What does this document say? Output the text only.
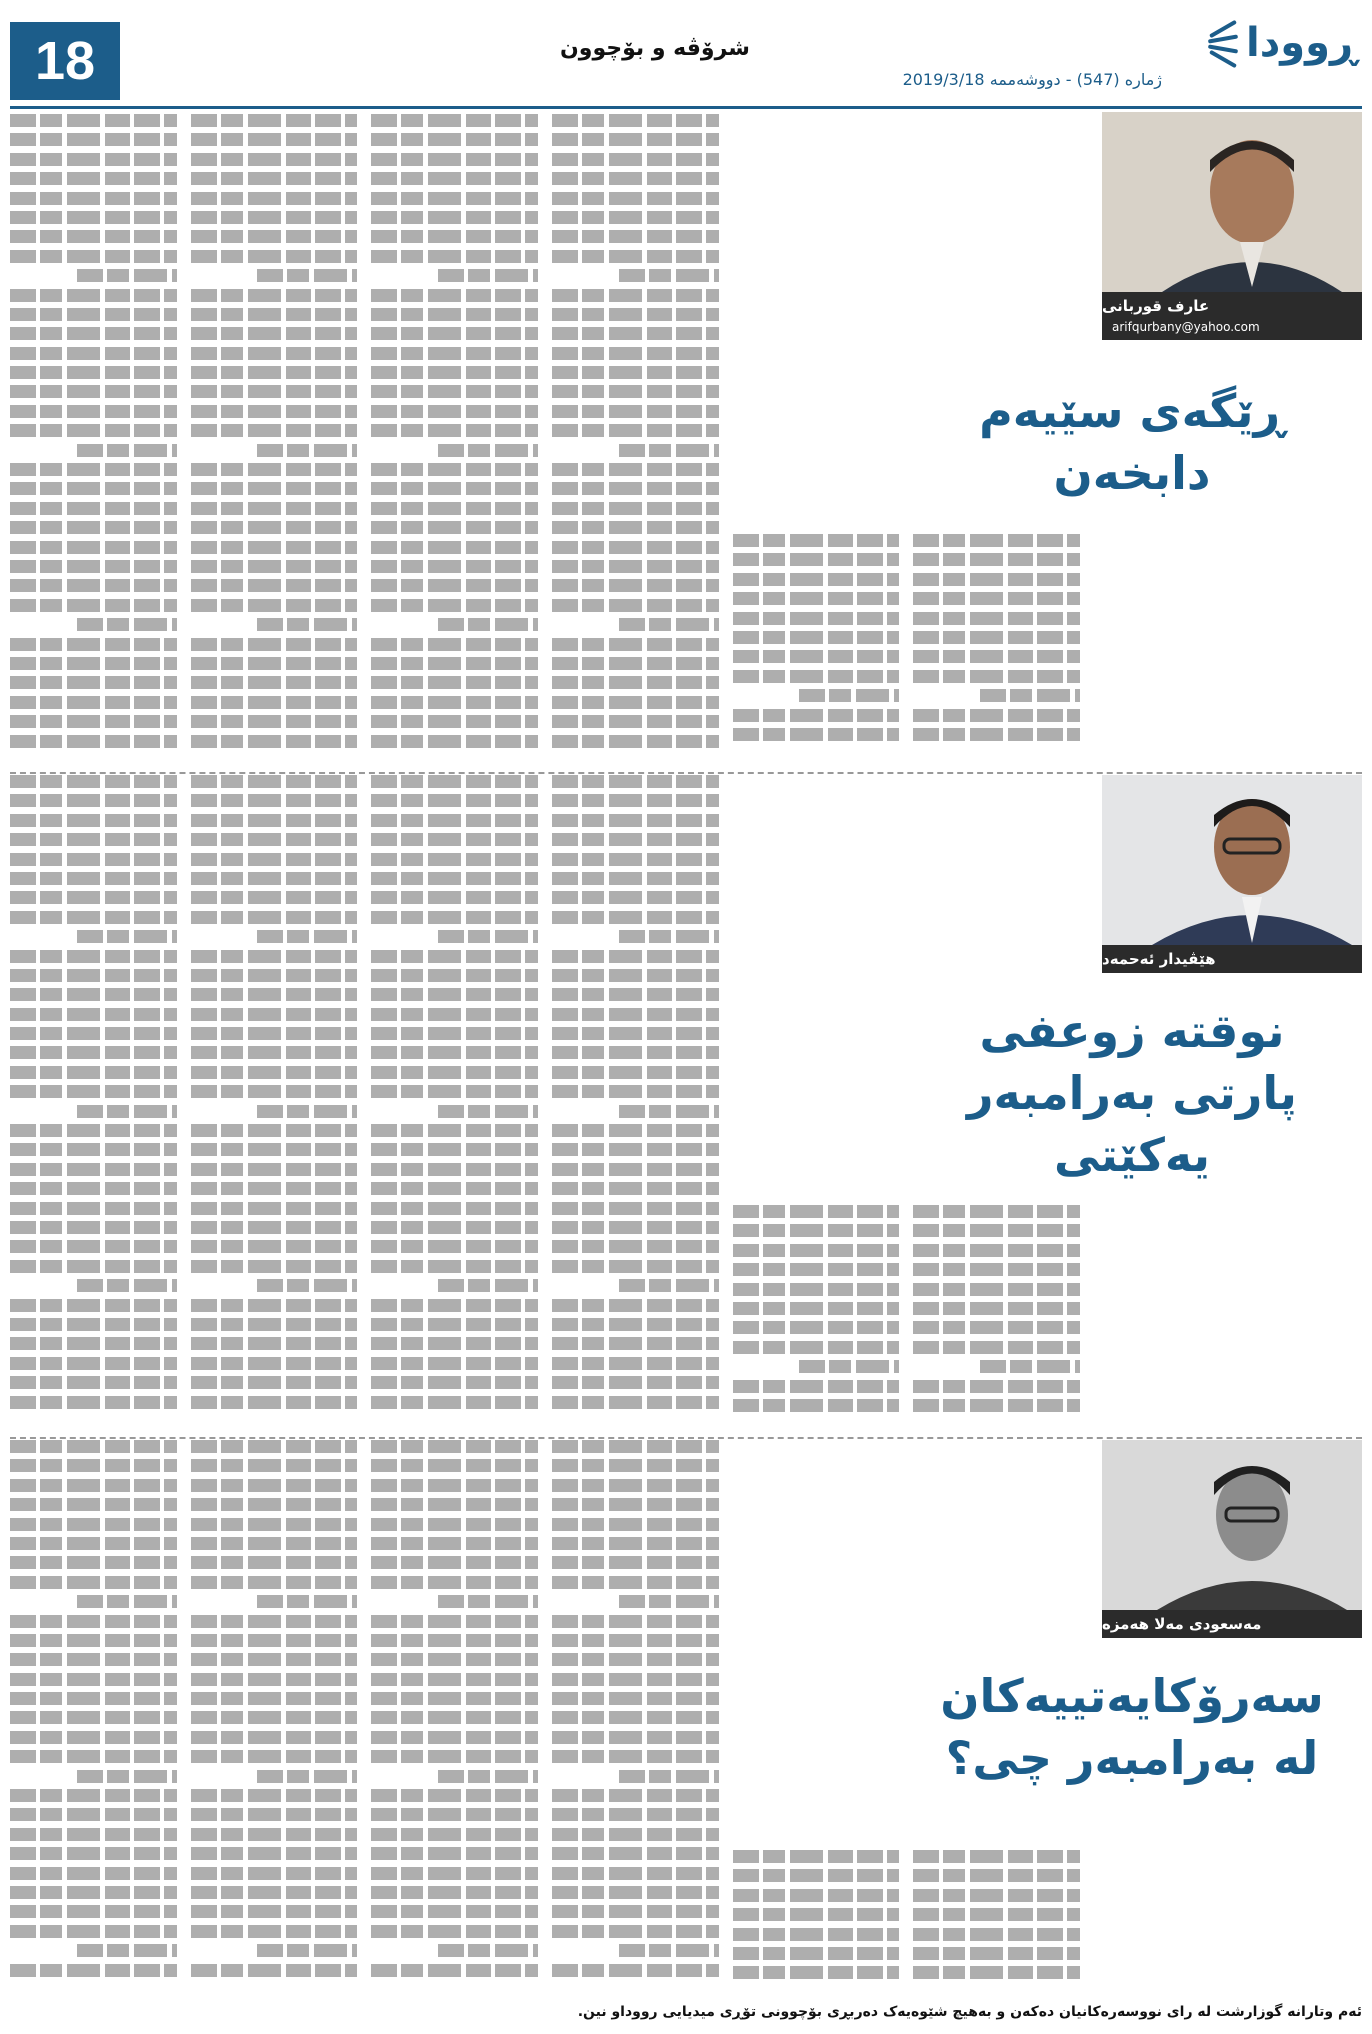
18	شرۆڤە و بۆچوون	ڕوودا
ژمارە (547) - دووشەممە 2019/3/18
عارف قوربانی
arifqurbany@yahoo.com
ڕێگەی سێیەم دابخەن
هێڤیدار ئەحمەد
نوقتە زوعفی پارتی بەرامبەر یەکێتی
مەسعودی مەلا هەمزە
سەرۆکایەتییەکان لە بەرامبەر چی؟
ئەم وتارانە گوزارشت لە رای نووسەرەکانیان دەکەن و بەهیچ شێوەیەک دەربڕی بۆچوونی تۆڕی میدیایی رووداو نین.
